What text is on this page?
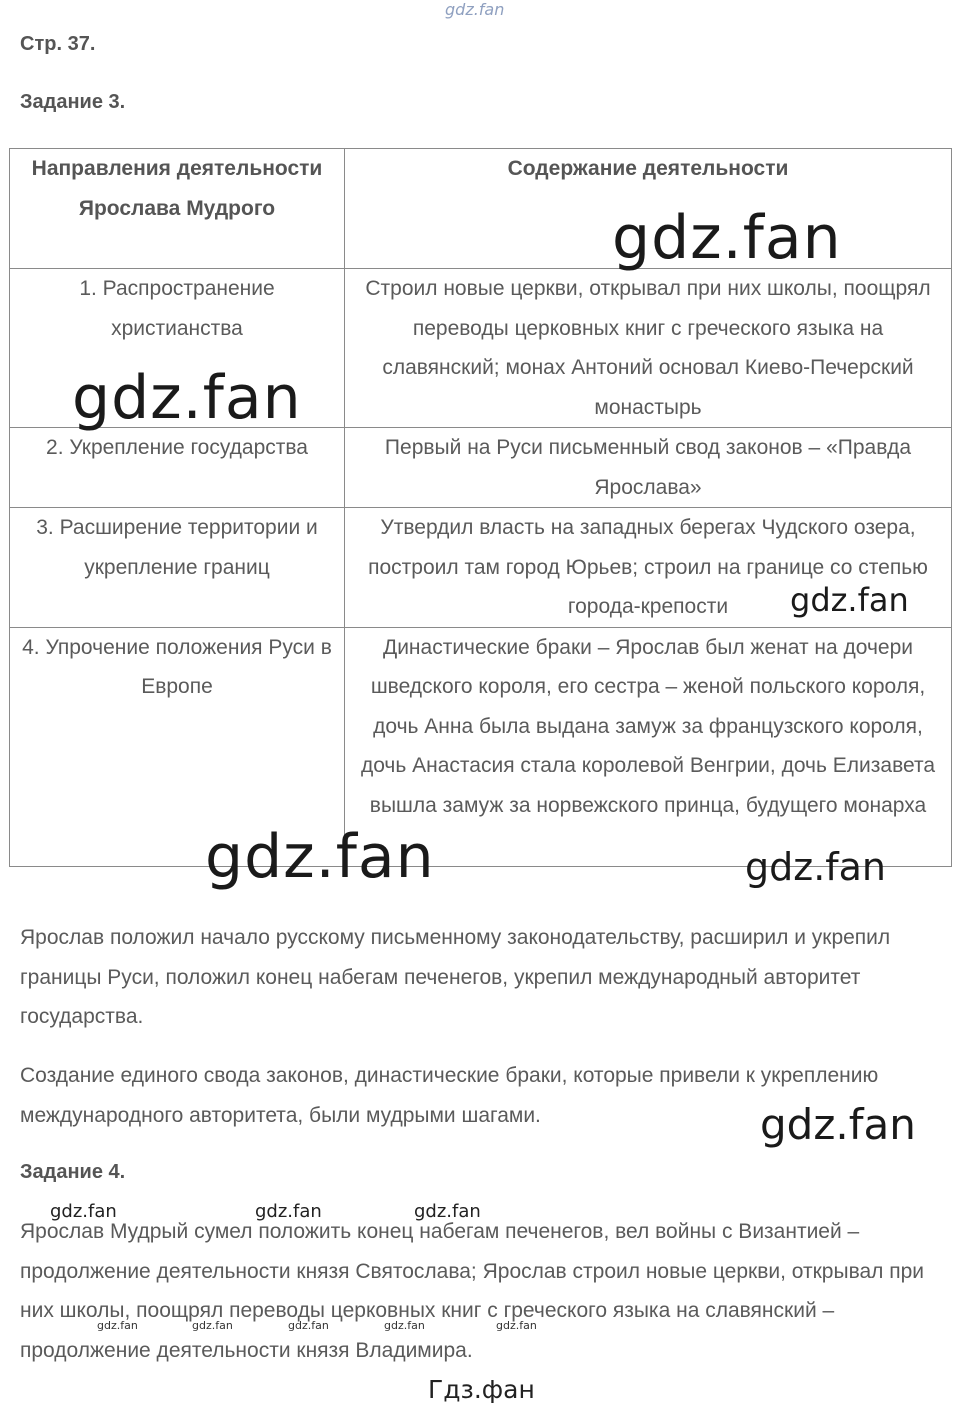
gdz.fan
Стр. 37.
Задание 3.
Направления деятельности Ярослава Мудрого	Содержание деятельности
1. Распространение христианства	Строил новые церкви, открывал при них школы, поощрял переводы церковных книг с греческого языка на славянский; монах Антоний основал Киево-Печерский монастырь
2. Укрепление государства	Первый на Руси письменный свод законов – «Правда Ярослава»
3. Расширение территории и укрепление границ	Утвердил власть на западных берегах Чудского озера, построил там город Юрьев; строил на границе со степью города-крепости
4. Упрочение положения Руси в Европе	Династические браки – Ярослав был женат на дочери шведского короля, его сестра – женой польского короля, дочь Анна была выдана замуж за французского короля, дочь Анастасия стала королевой Венгрии, дочь Елизавета вышла замуж за норвежского принца, будущего монарха
Ярослав положил начало русскому письменному законодательству, расширил и укрепил границы Руси, положил конец набегам печенегов, укрепил международный авторитет государства.
Создание единого свода законов, династические браки, которые привели к укреплению международного авторитета, были мудрыми шагами.
Задание 4.
Ярослав Мудрый сумел положить конец набегам печенегов, вел войны с Византией – продолжение деятельности князя Святослава; Ярослав строил новые церкви, открывал при них школы, поощрял переводы церковных книг с греческого языка на славянский – продолжение деятельности князя Владимира.
gdz.fan
gdz.fan
gdz.fan
gdz.fan	gdz.fan
gdz.fan
gdz.fan	gdz.fan	gdz.fan
gdz.fan	gdz.fan	gdz.fan	gdz.fan	gdz.fan
Гдз.фан
